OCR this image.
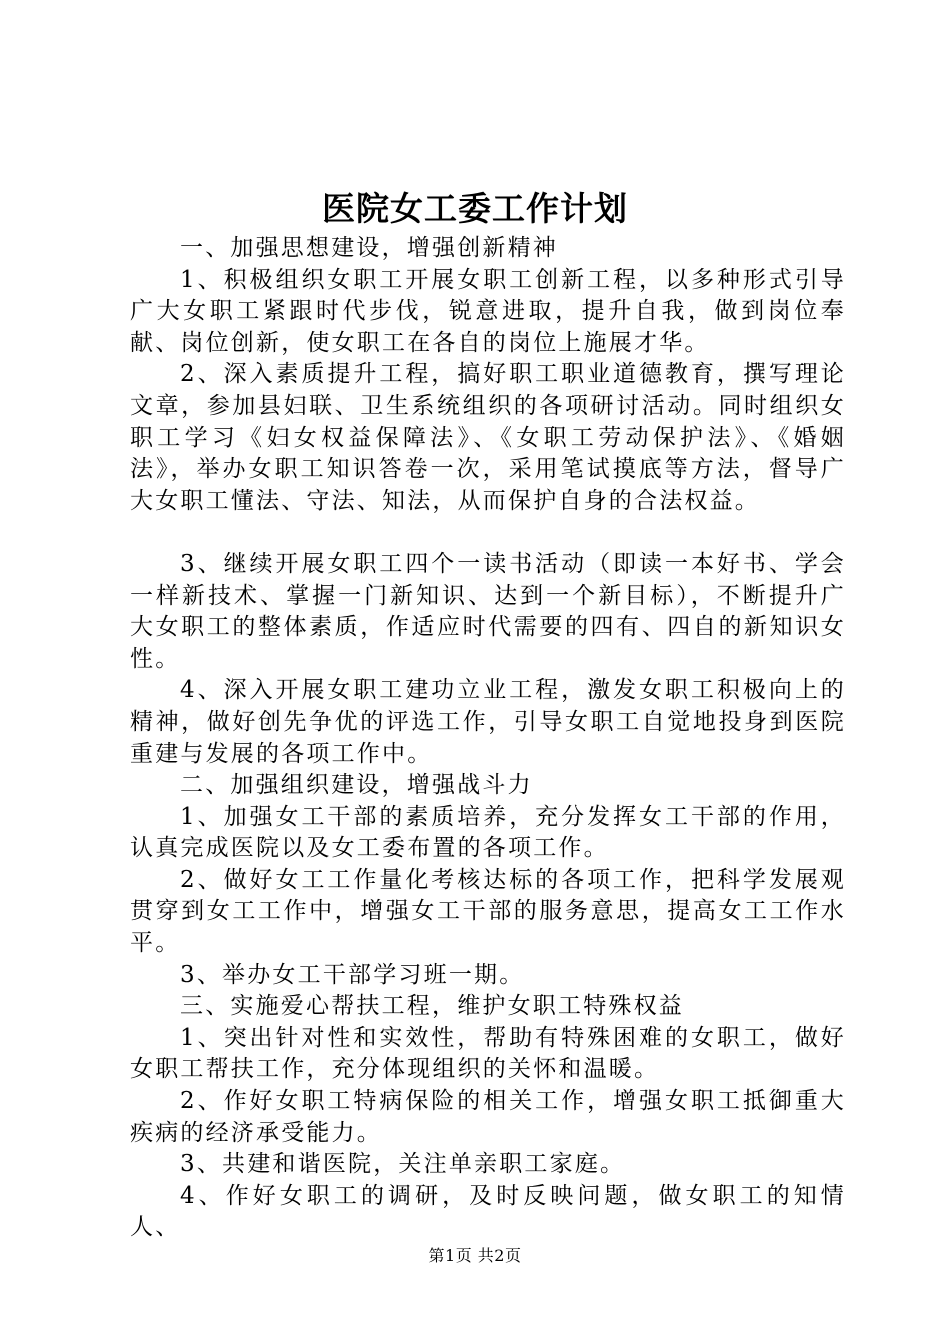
医院女工委工作计划

一、加强思想建设，增强创新精神

1、积极组织女职工开展女职工创新工程，以多种形式引导广大女职工紧跟时代步伐，锐意进取，提升自我，做到岗位奉献、岗位创新，使女职工在各自的岗位上施展才华。

2、深入素质提升工程，搞好职工职业道德教育，撰写理论文章，参加县妇联、卫生系统组织的各项研讨活动。同时组织女职工学习《妇女权益保障法》、《女职工劳动保护法》、《婚姻法》，举办女职工知识答卷一次，采用笔试摸底等方法，督导广大女职工懂法、守法、知法，从而保护自身的合法权益。

3、继续开展女职工四个一读书活动（即读一本好书、学会一样新技术、掌握一门新知识、达到一个新目标），不断提升广大女职工的整体素质，作适应时代需要的四有、四自的新知识女性。

4、深入开展女职工建功立业工程，激发女职工积极向上的精神，做好创先争优的评选工作，引导女职工自觉地投身到医院重建与发展的各项工作中。

二、加强组织建设，增强战斗力

1、加强女工干部的素质培养，充分发挥女工干部的作用，认真完成医院以及女工委布置的各项工作。

2、做好女工工作量化考核达标的各项工作，把科学发展观贯穿到女工工作中，增强女工干部的服务意思，提高女工工作水平。

3、举办女工干部学习班一期。

三、实施爱心帮扶工程，维护女职工特殊权益

1、突出针对性和实效性，帮助有特殊困难的女职工，做好女职工帮扶工作，充分体现组织的关怀和温暖。

2、作好女职工特病保险的相关工作，增强女职工抵御重大疾病的经济承受能力。

3、共建和谐医院，关注单亲职工家庭。

4、作好女职工的调研，及时反映问题，做女职工的知情人、

第1页 共2页
